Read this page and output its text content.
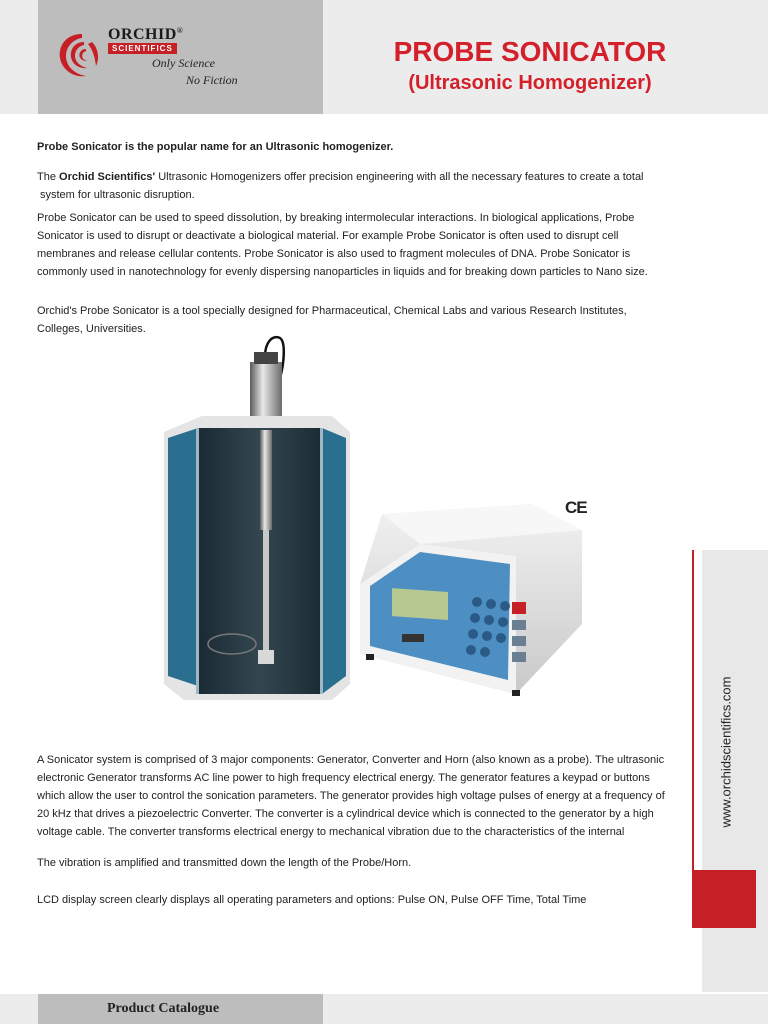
ORCHID®
SCIENTIFICS
Only Science
No Fiction
PROBE SONICATOR
(Ultrasonic Homogenizer)
Probe Sonicator is the popular name for an Ultrasonic homogenizer.
The Orchid Scientifics' Ultrasonic Homogenizers offer precision engineering with all the necessary features to create a total
system for ultrasonic disruption.
Probe Sonicator can be used to speed dissolution, by breaking intermolecular interactions. In biological applications, Probe
Sonicator is used to disrupt or deactivate a biological material. For example Probe Sonicator is often used to disrupt cell
membranes and release cellular contents. Probe Sonicator is also used to fragment molecules of DNA. Probe Sonicator is
commonly used in nanotechnology for evenly dispersing nanoparticles in liquids and for breaking down particles to Nano size.
Orchid's Probe Sonicator is a tool specially designed for Pharmaceutical, Chemical Labs and various Research Institutes,
Colleges, Universities.
CE
www.orchidscientifics.com
A Sonicator system is comprised of 3 major components: Generator, Converter and Horn (also known as a probe). The ultrasonic
electronic Generator transforms AC line power to high frequency electrical energy. The generator features a keypad or buttons
which allow the user to control the sonication parameters. The generator provides high voltage pulses of energy at a frequency of
20 kHz that drives a piezoelectric Converter. The converter is a cylindrical device which is connected to the generator by a high
voltage cable. The converter transforms electrical energy to mechanical vibration due to the characteristics of the internal
The vibration is amplified and transmitted down the length of the Probe/Horn.
LCD display screen clearly displays all operating parameters and options: Pulse ON, Pulse OFF Time, Total Time
Product Catalogue
